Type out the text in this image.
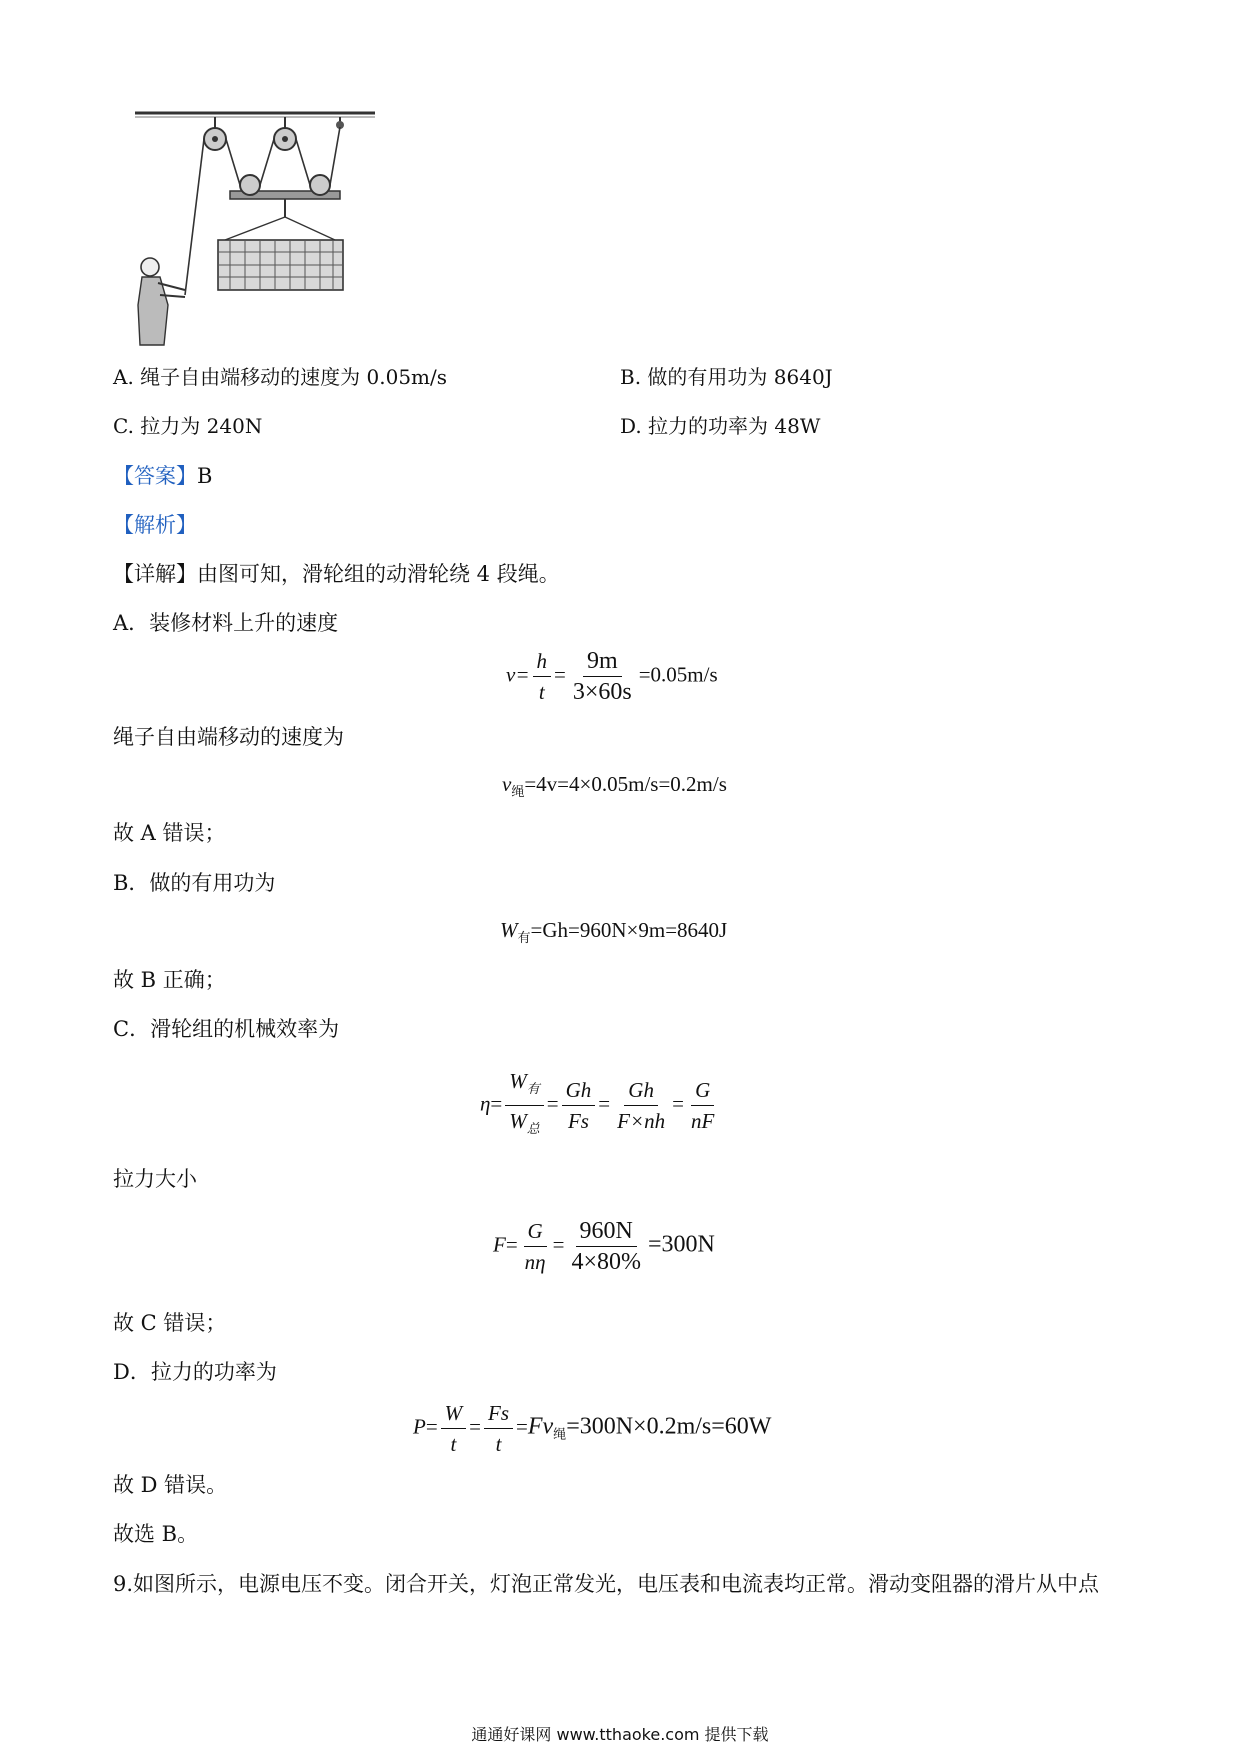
A. 绳子自由端移动的速度为 0.05m/s	B. 做的有用功为 8640J
C. 拉力为 240N	D. 拉力的功率为 48W
【答案】B
【解析】
【详解】由图可知，滑轮组的动滑轮绕 4 段绳。
A．装修材料上升的速度
$v= \frac{h}{t} = \frac{9m}{3\times 60s} =0.05m/s$
绳子自由端移动的速度为
$v_绳=4v=4\times 0.05m/s=0.2m/s$
故 A 错误；
B．做的有用功为
$W_有=Gh=960N\times 9m=8640J$
故 B 正确；
C．滑轮组的机械效率为
$\eta= \frac{W_有}{W_总} = \frac{Gh}{Fs} = \frac{Gh}{F\times nh} = \frac{G}{nF}$
拉力大小
$F= \frac{G}{n\eta} = \frac{960N}{4\times 80\%} =300N$
故 C 错误；
D．拉力的功率为
$P= \frac{W}{t} = \frac{Fs}{t} =Fv_绳=300N\times 0.2m/s=60W$
故 D 错误。
故选 B。
9.如图所示，电源电压不变。闭合开关，灯泡正常发光，电压表和电流表均正常。滑动变阻器的滑片从中点
通通好课网 www.tthaoke.com 提供下载
